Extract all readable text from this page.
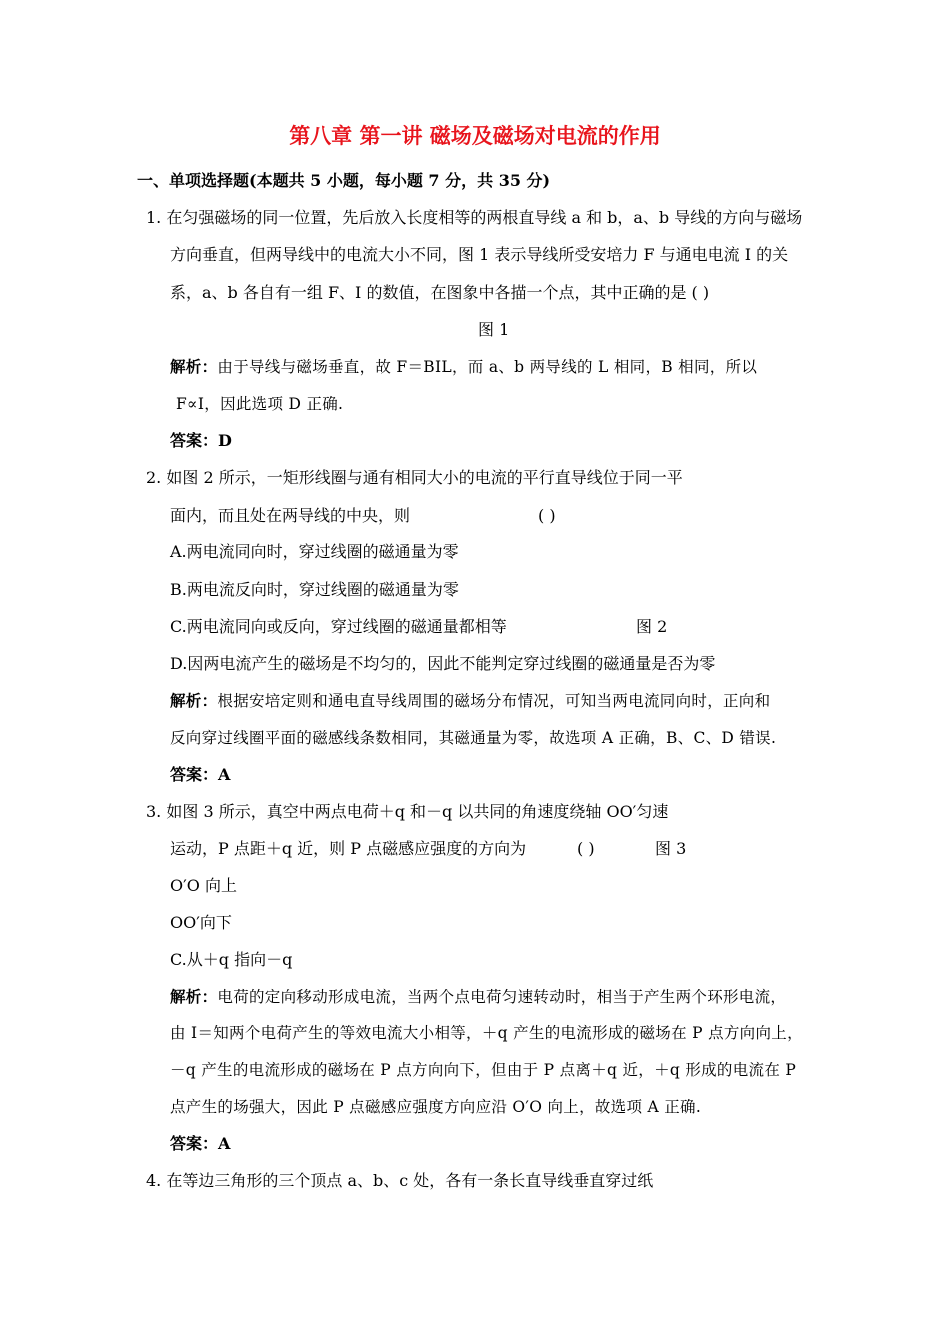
第八章 第一讲 磁场及磁场对电流的作用
一、单项选择题(本题共 5 小题，每小题 7 分，共 35 分)
1. 在匀强磁场的同一位置，先后放入长度相等的两根直导线 a 和 b，a、b 导线的方向与磁场
方向垂直，但两导线中的电流大小不同，图 1 表示导线所受安培力 F 与通电电流 I 的关
系，a、b 各自有一组 F、I 的数值，在图象中各描一个点，其中正确的是 ( )
图 1
解析：由于导线与磁场垂直，故 F＝BIL，而 a、b 两导线的 L 相同，B 相同，所以
F∝I，因此选项 D 正确.
答案：D
2. 如图 2 所示，一矩形线圈与通有相同大小的电流的平行直导线位于同一平
面内，而且处在两导线的中央，则	( )
A.两电流同向时，穿过线圈的磁通量为零
B.两电流反向时，穿过线圈的磁通量为零
C.两电流同向或反向，穿过线圈的磁通量都相等	图 2
D.因两电流产生的磁场是不均匀的，因此不能判定穿过线圈的磁通量是否为零
解析：根据安培定则和通电直导线周围的磁场分布情况，可知当两电流同向时，正向和
反向穿过线圈平面的磁感线条数相同，其磁通量为零，故选项 A 正确，B、C、D 错误.
答案：A
3. 如图 3 所示，真空中两点电荷＋q 和－q 以共同的角速度绕轴 OO′匀速
运动，P 点距＋q 近，则 P 点磁感应强度的方向为	( )	图 3
O′O 向上
OO′向下
C.从＋q 指向－q
解析：电荷的定向移动形成电流，当两个点电荷匀速转动时，相当于产生两个环形电流，
由 I＝知两个电荷产生的等效电流大小相等，＋q 产生的电流形成的磁场在 P 点方向向上，
－q 产生的电流形成的磁场在 P 点方向向下，但由于 P 点离＋q 近，＋q 形成的电流在 P
点产生的场强大，因此 P 点磁感应强度方向应沿 O′O 向上，故选项 A 正确.
答案：A
4. 在等边三角形的三个顶点 a、b、c 处，各有一条长直导线垂直穿过纸
